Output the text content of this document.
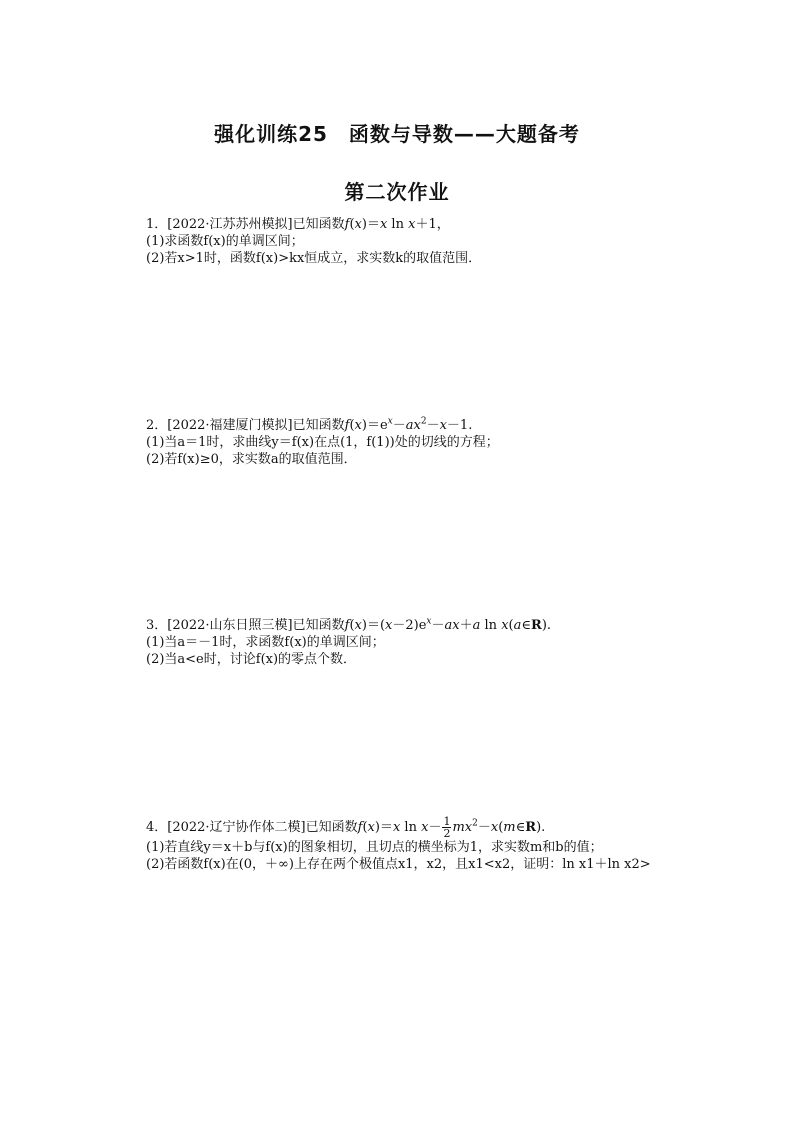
强化训练25　函数与导数——大题备考
第二次作业
1．[2022·江苏苏州模拟]已知函数f(x)＝x ln x＋1，
(1)求函数f(x)的单调区间；
(2)若x>1时，函数f(x)>kx恒成立，求实数k的取值范围．
2．[2022·福建厦门模拟]已知函数$f(x)=e^x-ax^2-x-1$.
(1)当a＝1时，求曲线y＝f(x)在点(1，f(1))处的切线的方程；
(2)若f(x)≥0，求实数a的取值范围．
3．[2022·山东日照三模]已知函数$f(x)=(x-2)e^x-ax+a$ ln x(a∈R).
(1)当a＝－1时，求函数f(x)的单调区间；
(2)当a<e时，讨论f(x)的零点个数．
4．[2022·辽宁协作体二模]已知函数f(x)＝x $\ln x- \frac{1}{2}$ $mx^2-x(m\in R)$.
(1)若直线y＝x＋b与f(x)的图象相切，且切点的横坐标为1，求实数m和b的值；
(2)若函数f(x)在(0，＋∞)上存在两个极值点x1，x2，且x1<x2，证明：ln x1＋ln x2>
